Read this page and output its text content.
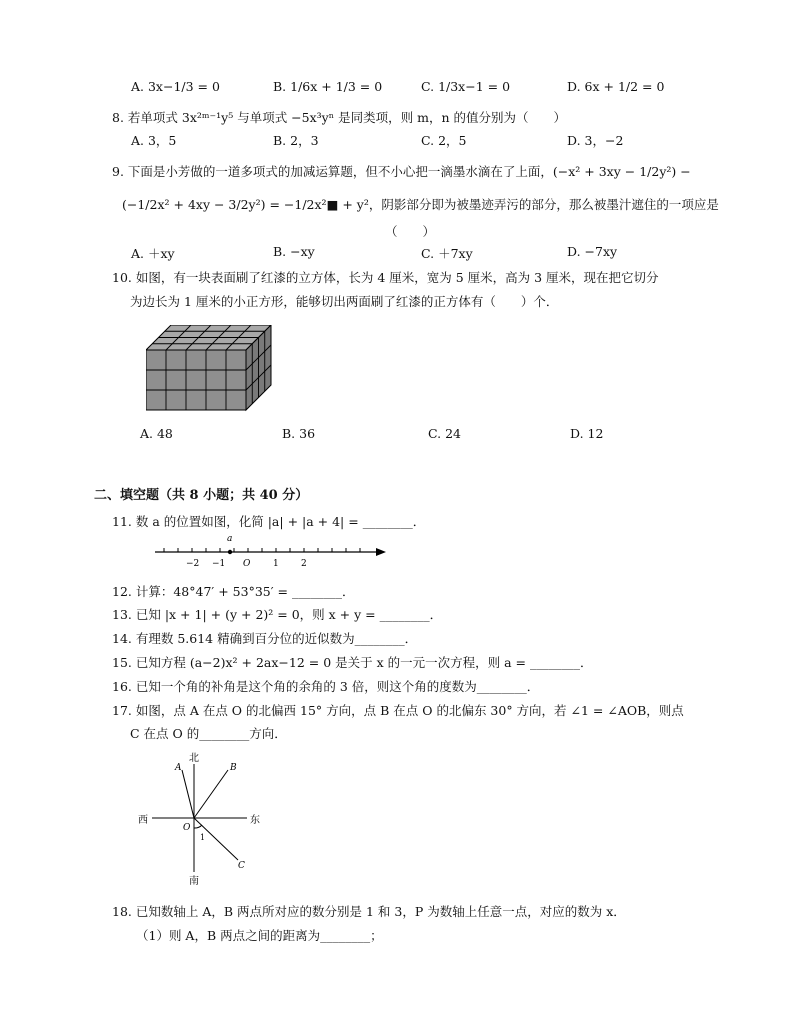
A. 3x−1/3 = 0	B. 1/6x + 1/3 = 0	C. 1/3x−1 = 0	D. 6x + 1/2 = 0
8. 若单项式 3x²ᵐ⁻¹y⁵ 与单项式 −5x³yⁿ 是同类项，则 m，n 的值分别为（　　）
A. 3，5	B. 2，3	C. 2，5	D. 3，−2
9. 下面是小芳做的一道多项式的加减运算题，但不小心把一滴墨水滴在了上面，(−x² + 3xy − 1/2y²) −
(−1/2x² + 4xy − 3/2y²) = −1/2x²■ + y²，阴影部分即为被墨迹弄污的部分，那么被墨汁遮住的一项应是
（　　）
A. ＋xy	B. −xy	C. ＋7xy	D. −7xy
10. 如图，有一块表面刷了红漆的立方体，长为 4 厘米，宽为 5 厘米，高为 3 厘米，现在把它切分
为边长为 1 厘米的小正方形，能够切出两面刷了红漆的正方体有（　　）个．
A. 48	B. 36	C. 24	D. 12
二、填空题（共 8 小题；共 40 分）
11. 数 a 的位置如图，化简 |a| + |a + 4| = ________．
a
−2 −1 O	1 2
12. 计算：48°47′ + 53°35′ = ________．
13. 已知 |x + 1| + (y + 2)² = 0，则 x + y = ________．
14. 有理数 5.614 精确到百分位的近似数为________．
15. 已知方程 (a−2)x² + 2ax−12 = 0 是关于 x 的一元一次方程，则 a = ________．
16. 已知一个角的补角是这个角的余角的 3 倍，则这个角的度数为________．
17. 如图，点 A 在点 O 的北偏西 15° 方向，点 B 在点 O 的北偏东 30° 方向，若 ∠1 = ∠AOB，则点
C 在点 O 的________方向．
北
南
西	东
A	B
C
O
1
18. 已知数轴上 A，B 两点所对应的数分别是 1 和 3，P 为数轴上任意一点，对应的数为 x．
（1）则 A，B 两点之间的距离为________；
